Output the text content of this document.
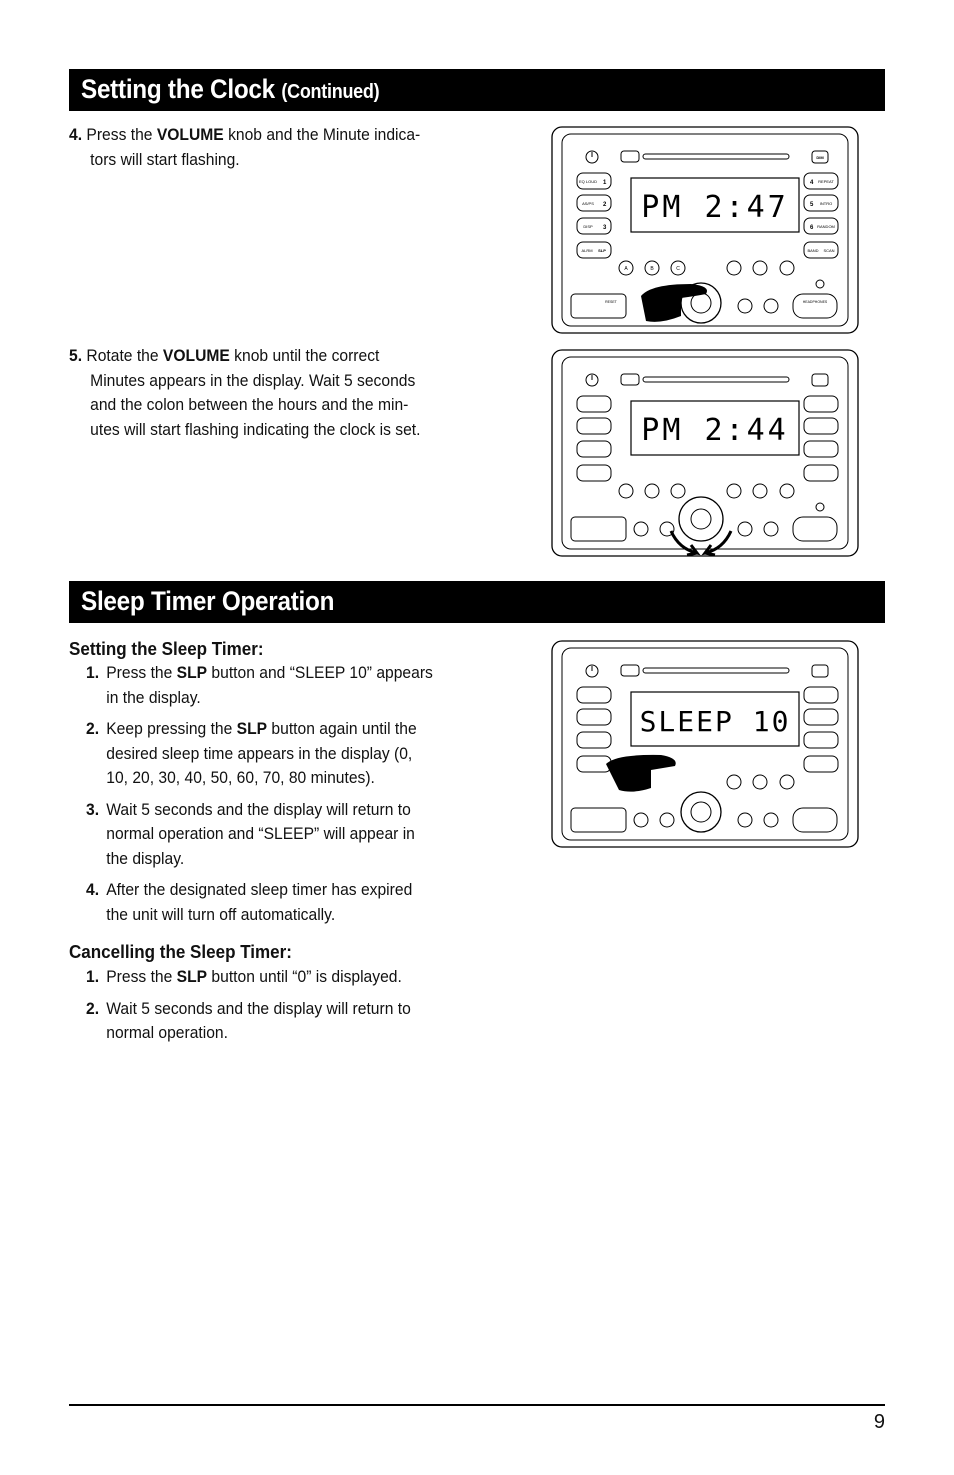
Setting the Clock (Continued)
4. Press the VOLUME knob and the Minute indica-
tors will start flashing.
5. Rotate the VOLUME knob until the correct
Minutes appears in the display. Wait 5 seconds
and the colon between the hours and the min-
utes will start flashing indicating the clock is set.
DIM
EQ LOUD 1
AS/PS 2
DISP 3
ALRM SLP
PM 2:47
4 REPEAT
5 INTRO
6 RANDOM
BAND SCAN
A	B	C
RESET	HEADPHONES
PM 2:44
SLEEP 10
Sleep Timer Operation
Setting the Sleep Timer:
1. Press the SLP button and “SLEEP 10” appears
in the display.
2. Keep pressing the SLP button again until the
desired sleep time appears in the display (0,
10, 20, 30, 40, 50, 60, 70, 80 minutes).
3. Wait 5 seconds and the display will return to
normal operation and “SLEEP” will appear in
the display.
4. After the designated sleep timer has expired
the unit will turn off automatically.
Cancelling the Sleep Timer:
1. Press the SLP button until “0” is displayed.
2. Wait 5 seconds and the display will return to
normal operation.
9
